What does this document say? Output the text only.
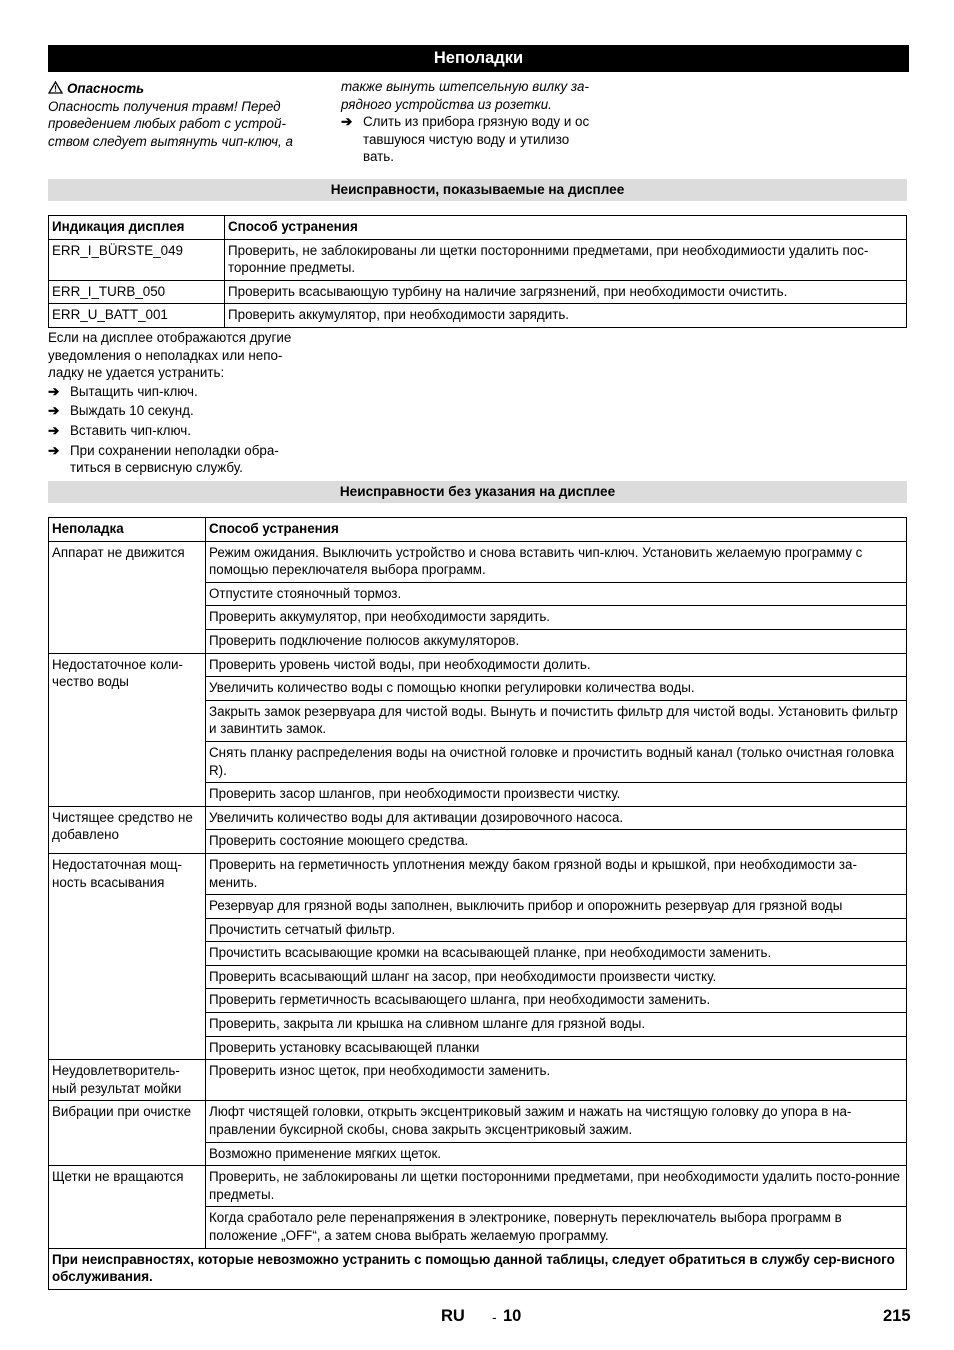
Неполадки
Опасность
Опасность получения травм! Перед
проведением любых работ с устрой-
ством следует вытянуть чип-ключ, а
также вынуть штепсельную вилку за-
рядного устройства из розетки.
➔ Слить из прибора грязную воду и ос
тавшуюся чистую воду и утилизо
вать.
Неисправности, показываемые на дисплее
Индикация дисплея	Способ устранения
ERR_I_BÜRSTE_049	Проверить, не заблокированы ли щетки посторонними предметами, при необходимиости удалить пос-торонние предметы.
ERR_I_TURB_050	Проверить всасывающую турбину на наличие загрязнений, при необходимости очистить.
ERR_U_BATT_001	Проверить аккумулятор, при необходимости зарядить.
Если на дисплее отображаются другие
уведомления о неполадках или непо-
ладку не удается устранить:
➔ Вытащить чип-ключ.
➔ Выждать 10 секунд.
➔ Вставить чип-ключ.
➔ При сохранении неполадки обра-титься в сервисную службу.
Неисправности без указания на дисплее
Неполадка	Способ устранения
Аппарат не движится	Режим ожидания. Выключить устройство и снова вставить чип-ключ. Установить желаемую программу с помощью переключателя выбора программ.
	Отпустите стояночный тормоз.
	Проверить аккумулятор, при необходимости зарядить.
	Проверить подключение полюсов аккумуляторов.
Недостаточное коли-чество воды	Проверить уровень чистой воды, при необходимости долить.
	Увеличить количество воды с помощью кнопки регулировки количества воды.
	Закрыть замок резервуара для чистой воды. Вынуть и почистить фильтр для чистой воды. Установить фильтр и завинтить замок.
	Снять планку распределения воды на очистной головке и прочистить водный канал (только очистная головка R).
	Проверить засор шлангов, при необходимости произвести чистку.
Чистящее средство не добавлено	Увеличить количество воды для активации дозировочного насоса.
	Проверить состояние моющего средства.
Недостаточная мощ-ность всасывания	Проверить на герметичность уплотнения между баком грязной воды и крышкой, при необходимости за-менить.
	Резервуар для грязной воды заполнен, выключить прибор и опорожнить резервуар для грязной воды
	Прочистить сетчатый фильтр.
	Прочистить всасывающие кромки на всасывающей планке, при необходимости заменить.
	Проверить всасывающий шланг на засор, при необходимости произвести чистку.
	Проверить герметичность всасывающего шланга, при необходимости заменить.
	Проверить, закрыта ли крышка на сливном шланге для грязной воды.
	Проверить установку всасывающей планки
Неудовлетворитель-ный результат мойки	Проверить износ щеток, при необходимости заменить.
Вибрации при очистке	Люфт чистящей головки, открыть эксцентриковый зажим и нажать на чистящую головку до упора в на-правлении буксирной скобы, снова закрыть эксцентриковый зажим.
	Возможно применение мягких щеток.
Щетки не вращаются	Проверить, не заблокированы ли щетки посторонними предметами, при необходимости удалить посто-ронние предметы.
	Когда сработало реле перенапряжения в электронике, повернуть переключатель выбора программ в положение „OFF“, а затем снова выбрать желаемую программу.
При неисправностях, которые невозможно устранить с помощью данной таблицы, следует обратиться в службу сер-висного обслуживания.	
RU - 10	215
